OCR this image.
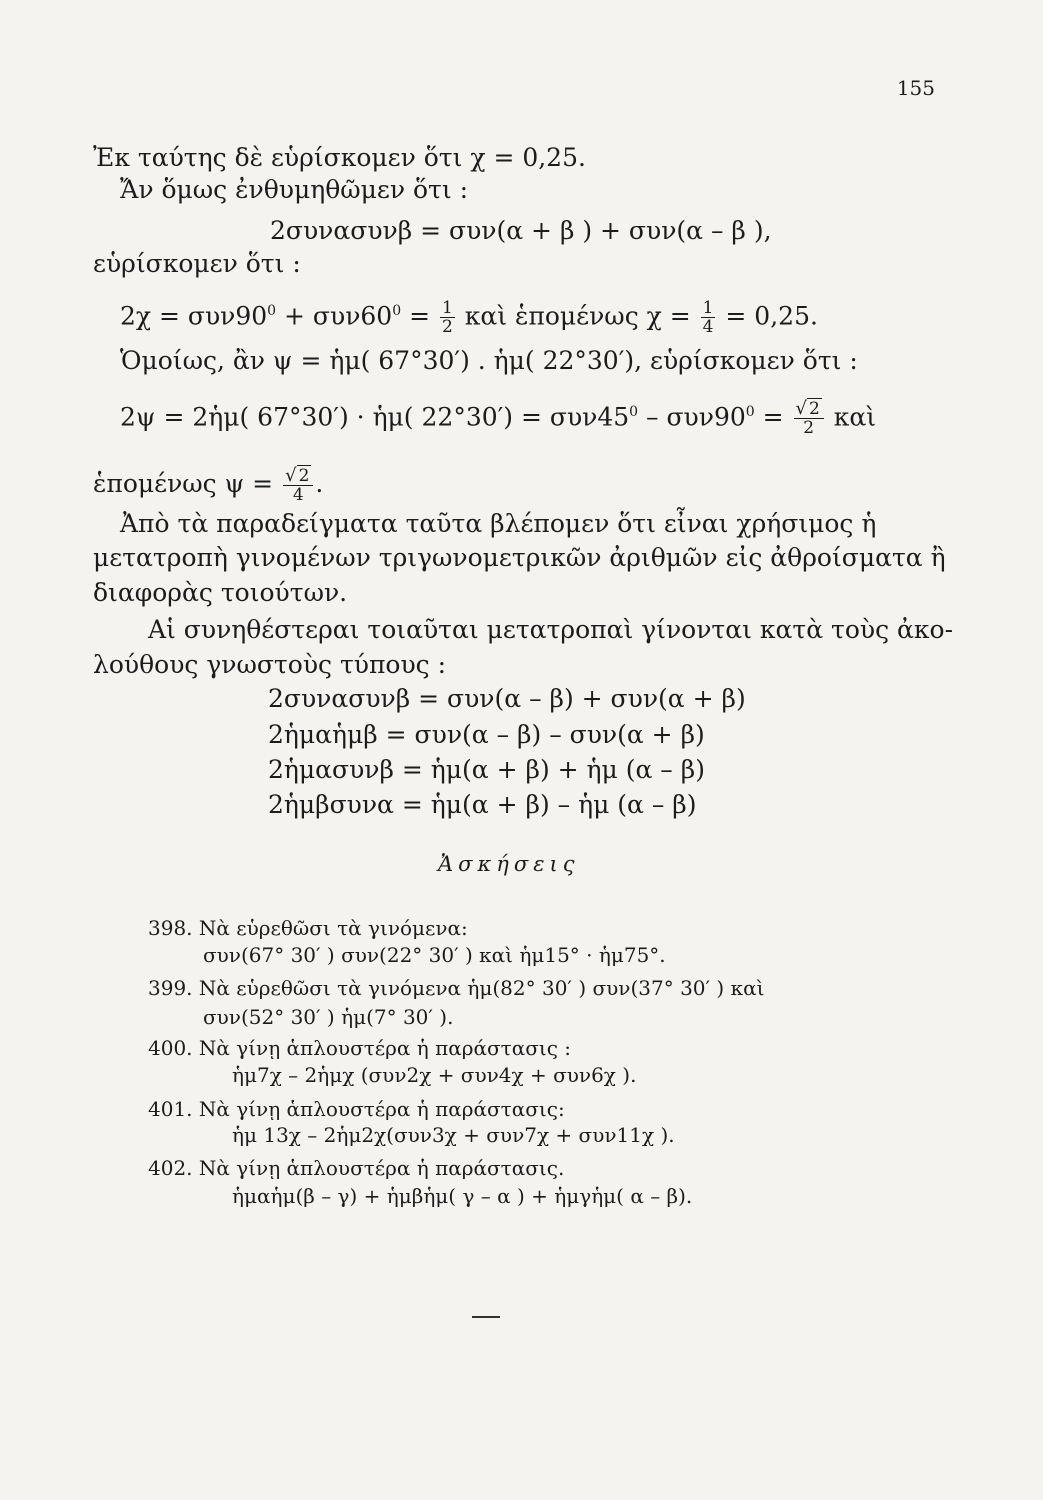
155
Ἐκ ταύτης δὲ εὑρίσκομεν ὅτι χ = 0,25.
Ἄν ὅμως ἐνθυμηθῶμεν ὅτι :
2συνασυνβ = συν(α + β ) + συν(α – β ),
εὑρίσκομεν ὅτι :
$2\chi = \sigma\upsilon\nu 90^0 + \sigma\upsilon\nu 60^0 = \frac{1}{2}$ καὶ ἑπομένως $\chi = \frac{1}{4} = 0,25$.
Ὁμοίως, ἂν ψ = ἡμ( 67°30′) . ἡμ( 22°30′), εὑρίσκομεν ὅτι :
2ψ = 2ἡμ( 67°30′) · ἡμ( $22^\circ 30') = \sigma\upsilon\nu 45^0 - \sigma\upsilon\nu 90^0 = \frac{√ 2}{2}$ καὶ
ἑπομένως $\psi = \frac{√ 2}{4}$ .
Ἀπὸ τὰ παραδείγματα ταῦτα βλέπομεν ὅτι εἶναι χρήσιμος ἡ
μετατροπὴ γινομένων τριγωνομετρικῶν ἀριθμῶν εἰς ἀθροίσματα ἢ
διαφορὰς τοιούτων.
Αἱ συνηθέστεραι τοιαῦται μετατροπαὶ γίνονται κατὰ τοὺς ἀκο-
λούθους γνωστοὺς τύπους :
2συνασυνβ = συν(α – β) + συν(α + β)
2ἡμαἡμβ = συν(α – β) – συν(α + β)
2ἡμασυνβ = ἡμ(α + β) + ἡμ (α – β)
2ἡμβσυνα = ἡμ(α + β) – ἡμ (α – β)
Ἀσκήσεις
398. Νὰ εὑρεθῶσι τὰ γινόμενα:
συν(67° 30′ ) συν(22° 30′ ) καὶ ἡμ15° · ἡμ75°.
399. Νὰ εὑρεθῶσι τὰ γινόμενα ἡμ(82° 30′ ) συν(37° 30′ ) καὶ
συν(52° 30′ ) ἡμ(7° 30′ ).
400. Νὰ γίνῃ ἁπλουστέρα ἡ παράστασις :
ἡμ7χ – 2ἡμχ (συν2χ + συν4χ + συν6χ ).
401. Νὰ γίνῃ ἁπλουστέρα ἡ παράστασις:
ἡμ 13χ – 2ἡμ2χ(συν3χ + συν7χ + συν11χ ).
402. Νὰ γίνῃ ἁπλουστέρα ἡ παράστασις.
ἡμαἡμ(β – γ) + ἡμβἡμ( γ – α ) + ἡμγἡμ( α – β).
